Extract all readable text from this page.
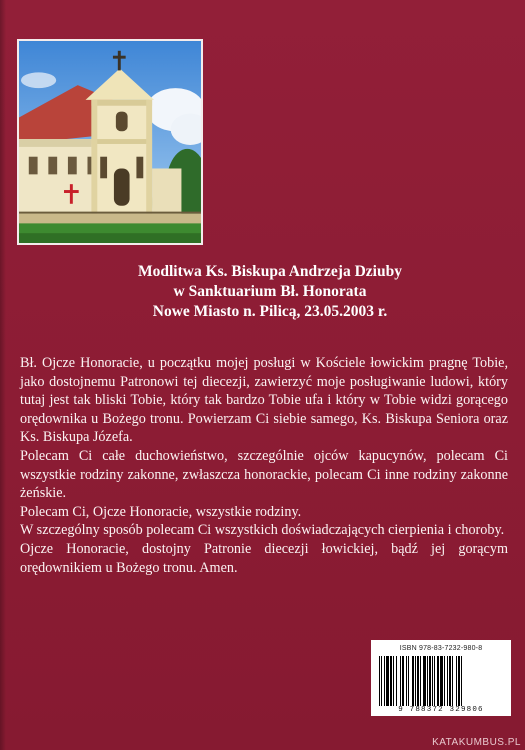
Modlitwa Ks. Biskupa Andrzeja Dziuby
w Sanktuarium Bł. Honorata
Nowe Miasto n. Pilicą, 23.05.2003 r.

Bł. Ojcze Honoracie, u początku mojej posługi w Kościele łowickim pragnę Tobie, jako dostojnemu Patronowi tej diecezji, zawierzyć moje posługiwanie ludowi, który tutaj jest tak bliski Tobie, który tak bardzo Tobie ufa i który w Tobie widzi gorącego orędownika u Bożego tronu. Powierzam Ci siebie samego, Ks. Biskupa Seniora oraz Ks. Biskupa Józefa.

Polecam Ci całe duchowieństwo, szczególnie ojców kapucynów, polecam Ci wszystkie rodziny zakonne, zwłaszcza honorackie, polecam Ci inne rodziny zakonne żeńskie.

Polecam Ci, Ojcze Honoracie, wszystkie rodziny.

W szczególny sposób polecam Ci wszystkich doświadczających cierpienia i choroby.

Ojcze Honoracie, dostojny Patronie diecezji łowickiej, bądź jej gorącym orędownikiem u Bożego tronu. Amen.

ISBN 978-83-7232-980-8
9 788372 329806
KATAKUMBUS.PL
